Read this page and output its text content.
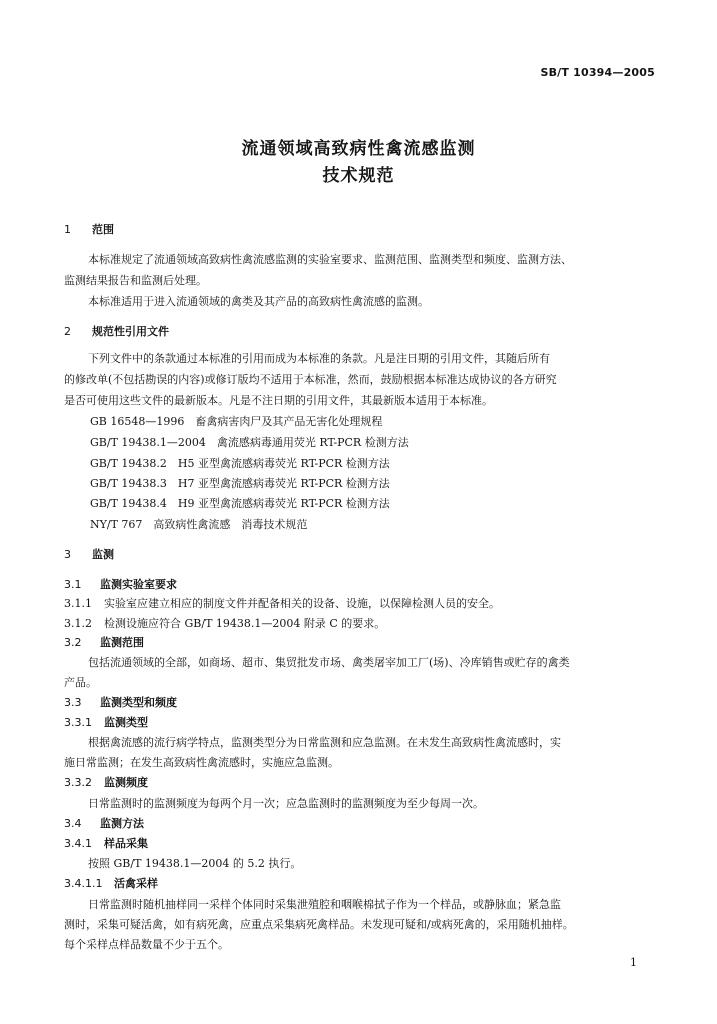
SB/T 10394—2005
流通领域高致病性禽流感监测
技术规范
1 范围
本标准规定了流通领域高致病性禽流感监测的实验室要求、监测范围、监测类型和频度、监测方法、
监测结果报告和监测后处理。
本标准适用于进入流通领域的禽类及其产品的高致病性禽流感的监测。
2 规范性引用文件
下列文件中的条款通过本标准的引用而成为本标准的条款。凡是注日期的引用文件，其随后所有
的修改单(不包括勘误的内容)或修订版均不适用于本标准，然而，鼓励根据本标准达成协议的各方研究
是否可使用这些文件的最新版本。凡是不注日期的引用文件，其最新版本适用于本标准。
GB 16548—1996　畜禽病害肉尸及其产品无害化处理规程
GB/T 19438.1—2004　禽流感病毒通用荧光 RT-PCR 检测方法
GB/T 19438.2　H5 亚型禽流感病毒荧光 RT-PCR 检测方法
GB/T 19438.3　H7 亚型禽流感病毒荧光 RT-PCR 检测方法
GB/T 19438.4　H9 亚型禽流感病毒荧光 RT-PCR 检测方法
NY/T 767　高致病性禽流感　消毒技术规范
3 监测
3.1 监测实验室要求
3.1.1 实验室应建立相应的制度文件并配备相关的设备、设施，以保障检测人员的安全。
3.1.2 检测设施应符合 GB/T 19438.1—2004 附录 C 的要求。
3.2 监测范围
包括流通领域的全部，如商场、超市、集贸批发市场、禽类屠宰加工厂(场)、冷库销售或贮存的禽类
产品。
3.3 监测类型和频度
3.3.1 监测类型
根据禽流感的流行病学特点，监测类型分为日常监测和应急监测。在未发生高致病性禽流感时，实
施日常监测；在发生高致病性禽流感时，实施应急监测。
3.3.2 监测频度
日常监测时的监测频度为每两个月一次；应急监测时的监测频度为至少每周一次。
3.4 监测方法
3.4.1 样品采集
按照 GB/T 19438.1—2004 的 5.2 执行。
3.4.1.1 活禽采样
日常监测时随机抽样同一采样个体同时采集泄殖腔和咽喉棉拭子作为一个样品，或静脉血；紧急监
测时，采集可疑活禽，如有病死禽，应重点采集病死禽样品。未发现可疑和/或病死禽的，采用随机抽样。
每个采样点样品数量不少于五个。
1
